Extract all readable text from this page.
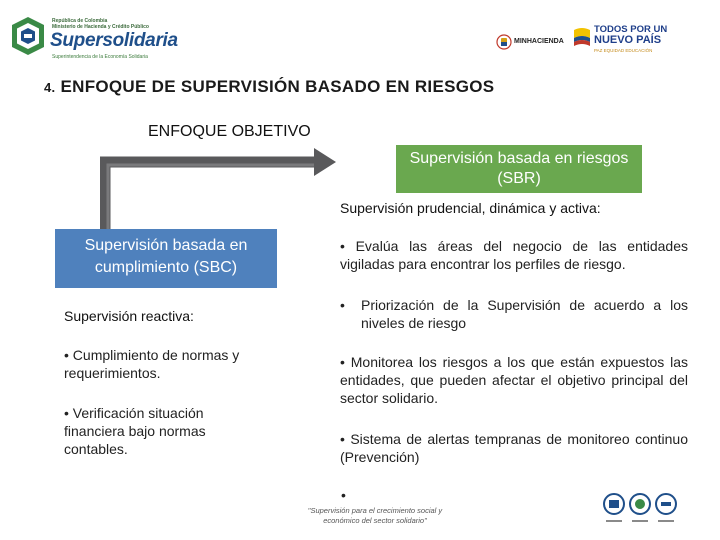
República de Colombia
Ministerio de Hacienda y Crédito Público
Supersolidaria
Superintendencia de la Economía Solidaria
MINHACIENDA
TODOS POR UN
NUEVO PAÍS
PAZ EQUIDAD EDUCACIÓN
4. ENFOQUE DE SUPERVISIÓN BASADO EN RIESGOS
ENFOQUE OBJETIVO
Supervisión basada en riesgos (SBR)
Supervisión basada en cumplimiento (SBC)
Supervisión prudencial, dinámica y activa:
• Evalúa las áreas del negocio de las entidades vigiladas para encontrar los perfiles de riesgo.
• Priorización de la Supervisión de acuerdo a los niveles de riesgo
• Monitorea los riesgos a los que están expuestos las entidades, que pueden afectar el objetivo principal del sector solidario.
• Sistema de alertas tempranas de monitoreo continuo (Prevención)
•
Supervisión reactiva:
• Cumplimiento de normas y requerimientos.
• Verificación situación financiera bajo normas contables.
"Supervisión para el crecimiento social y económico del sector solidario"
